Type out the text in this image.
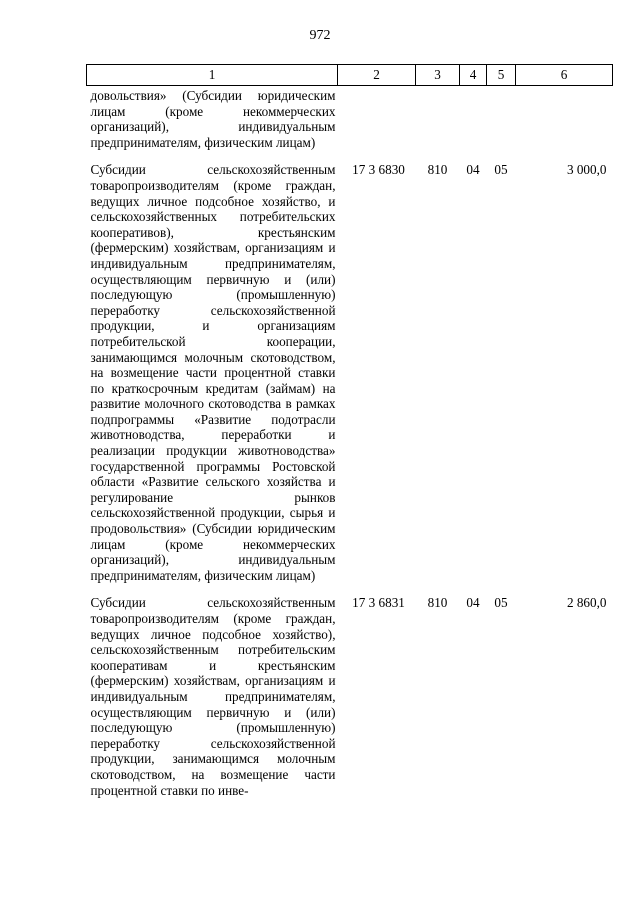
972
1	2	3	4	5	6
довольствия» (Субсидии юридическим лицам (кроме некоммерческих организаций), индивидуальным предпринимателям, физическим лицам)					
Субсидии сельскохозяйственным товаропроизводителям (кроме граждан, ведущих личное подсобное хозяйство, и сельскохозяйственных потребительских кооперативов), крестьянским (фермерским) хозяйствам, организациям и индивидуальным предпринимателям, осуществляющим первичную и (или) последующую (промышленную) переработку сельскохозяйственной продукции, и организациям потребительской кооперации, занимающимся молочным скотоводством, на возмещение части процентной ставки по краткосрочным кредитам (займам) на развитие молочного скотоводства в рамках подпрограммы «Развитие подотрасли животноводства, переработки и реализации продукции животноводства» государственной программы Ростовской области «Развитие сельского хозяйства и регулирование рынков сельскохозяйственной продукции, сырья и продовольствия» (Субсидии юридическим лицам (кроме некоммерческих организаций), индивидуальным предпринимателям, физическим лицам)	17 3 6830	810	04	05	3 000,0
Субсидии сельскохозяйственным товаропроизводителям (кроме граждан, ведущих личное подсобное хозяйство), сельскохозяйственным потребительским кооперативам и крестьянским (фермерским) хозяйствам, организациям и индивидуальным предпринимателям, осуществляющим первичную и (или) последующую (промышленную) переработку сельскохозяйственной продукции, занимающимся молочным скотоводством, на возмещение части процентной ставки по инве-	17 3 6831	810	04	05	2 860,0
